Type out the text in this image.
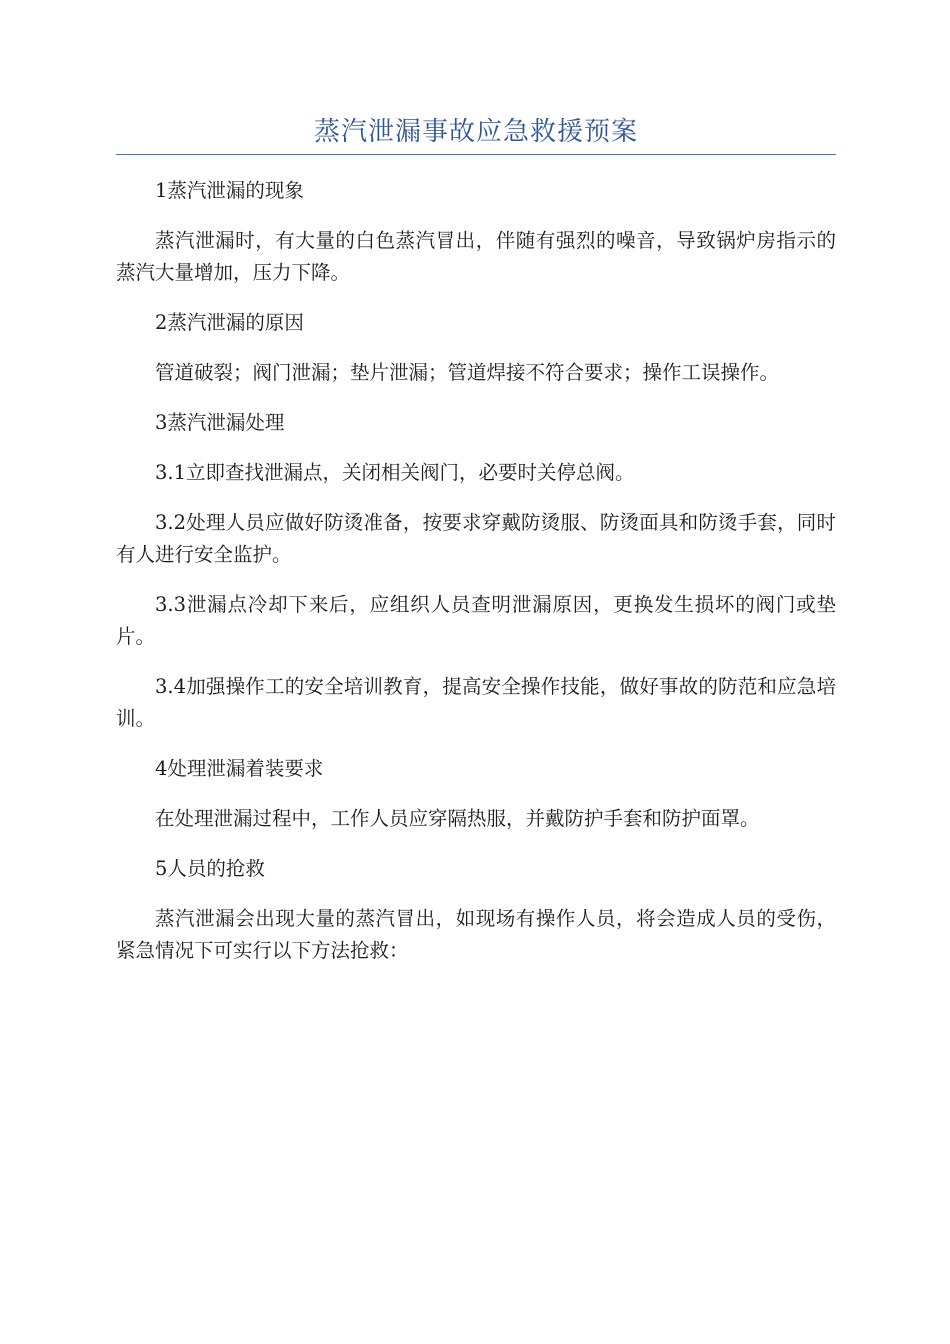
蒸汽泄漏事故应急救援预案

1蒸汽泄漏的现象

蒸汽泄漏时，有大量的白色蒸汽冒出，伴随有强烈的噪音，导致锅炉房指示的蒸汽大量增加，压力下降。

2蒸汽泄漏的原因

管道破裂；阀门泄漏；垫片泄漏；管道焊接不符合要求；操作工误操作。

3蒸汽泄漏处理

3.1立即查找泄漏点，关闭相关阀门，必要时关停总阀。

3.2处理人员应做好防烫准备，按要求穿戴防烫服、防烫面具和防烫手套，同时有人进行安全监护。

3.3泄漏点冷却下来后，应组织人员查明泄漏原因，更换发生损坏的阀门或垫片。

3.4加强操作工的安全培训教育，提高安全操作技能，做好事故的防范和应急培训。

4处理泄漏着装要求

在处理泄漏过程中，工作人员应穿隔热服，并戴防护手套和防护面罩。

5人员的抢救

蒸汽泄漏会出现大量的蒸汽冒出，如现场有操作人员，将会造成人员的受伤，紧急情况下可实行以下方法抢救：
